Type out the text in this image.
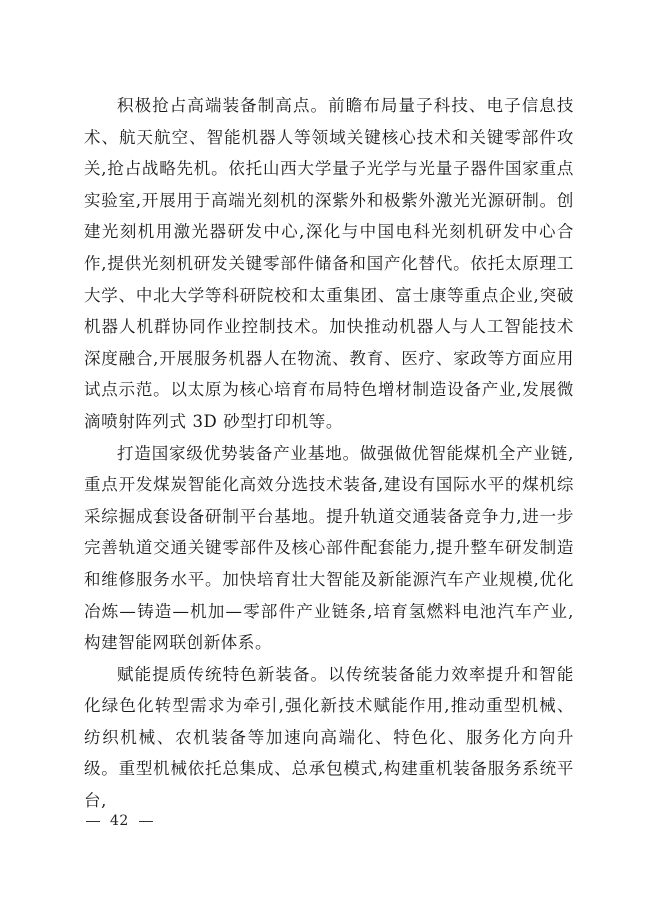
积极抢占高端装备制高点。前瞻布局量子科技、电子信息技术、航天航空、智能机器人等领域关键核心技术和关键零部件攻关,抢占战略先机。依托山西大学量子光学与光量子器件国家重点实验室,开展用于高端光刻机的深紫外和极紫外激光光源研制。创建光刻机用激光器研发中心,深化与中国电科光刻机研发中心合作,提供光刻机研发关键零部件储备和国产化替代。依托太原理工大学、中北大学等科研院校和太重集团、富士康等重点企业,突破机器人机群协同作业控制技术。加快推动机器人与人工智能技术深度融合,开展服务机器人在物流、教育、医疗、家政等方面应用试点示范。以太原为核心培育布局特色增材制造设备产业,发展微滴喷射阵列式 3D 砂型打印机等。

打造国家级优势装备产业基地。做强做优智能煤机全产业链,重点开发煤炭智能化高效分选技术装备,建设有国际水平的煤机综采综掘成套设备研制平台基地。提升轨道交通装备竞争力,进一步完善轨道交通关键零部件及核心部件配套能力,提升整车研发制造和维修服务水平。加快培育壮大智能及新能源汽车产业规模,优化冶炼—铸造—机加—零部件产业链条,培育氢燃料电池汽车产业,构建智能网联创新体系。

赋能提质传统特色新装备。以传统装备能力效率提升和智能化绿色化转型需求为牵引,强化新技术赋能作用,推动重型机械、纺织机械、农机装备等加速向高端化、特色化、服务化方向升级。重型机械依托总集成、总承包模式,构建重机装备服务系统平台,

42
